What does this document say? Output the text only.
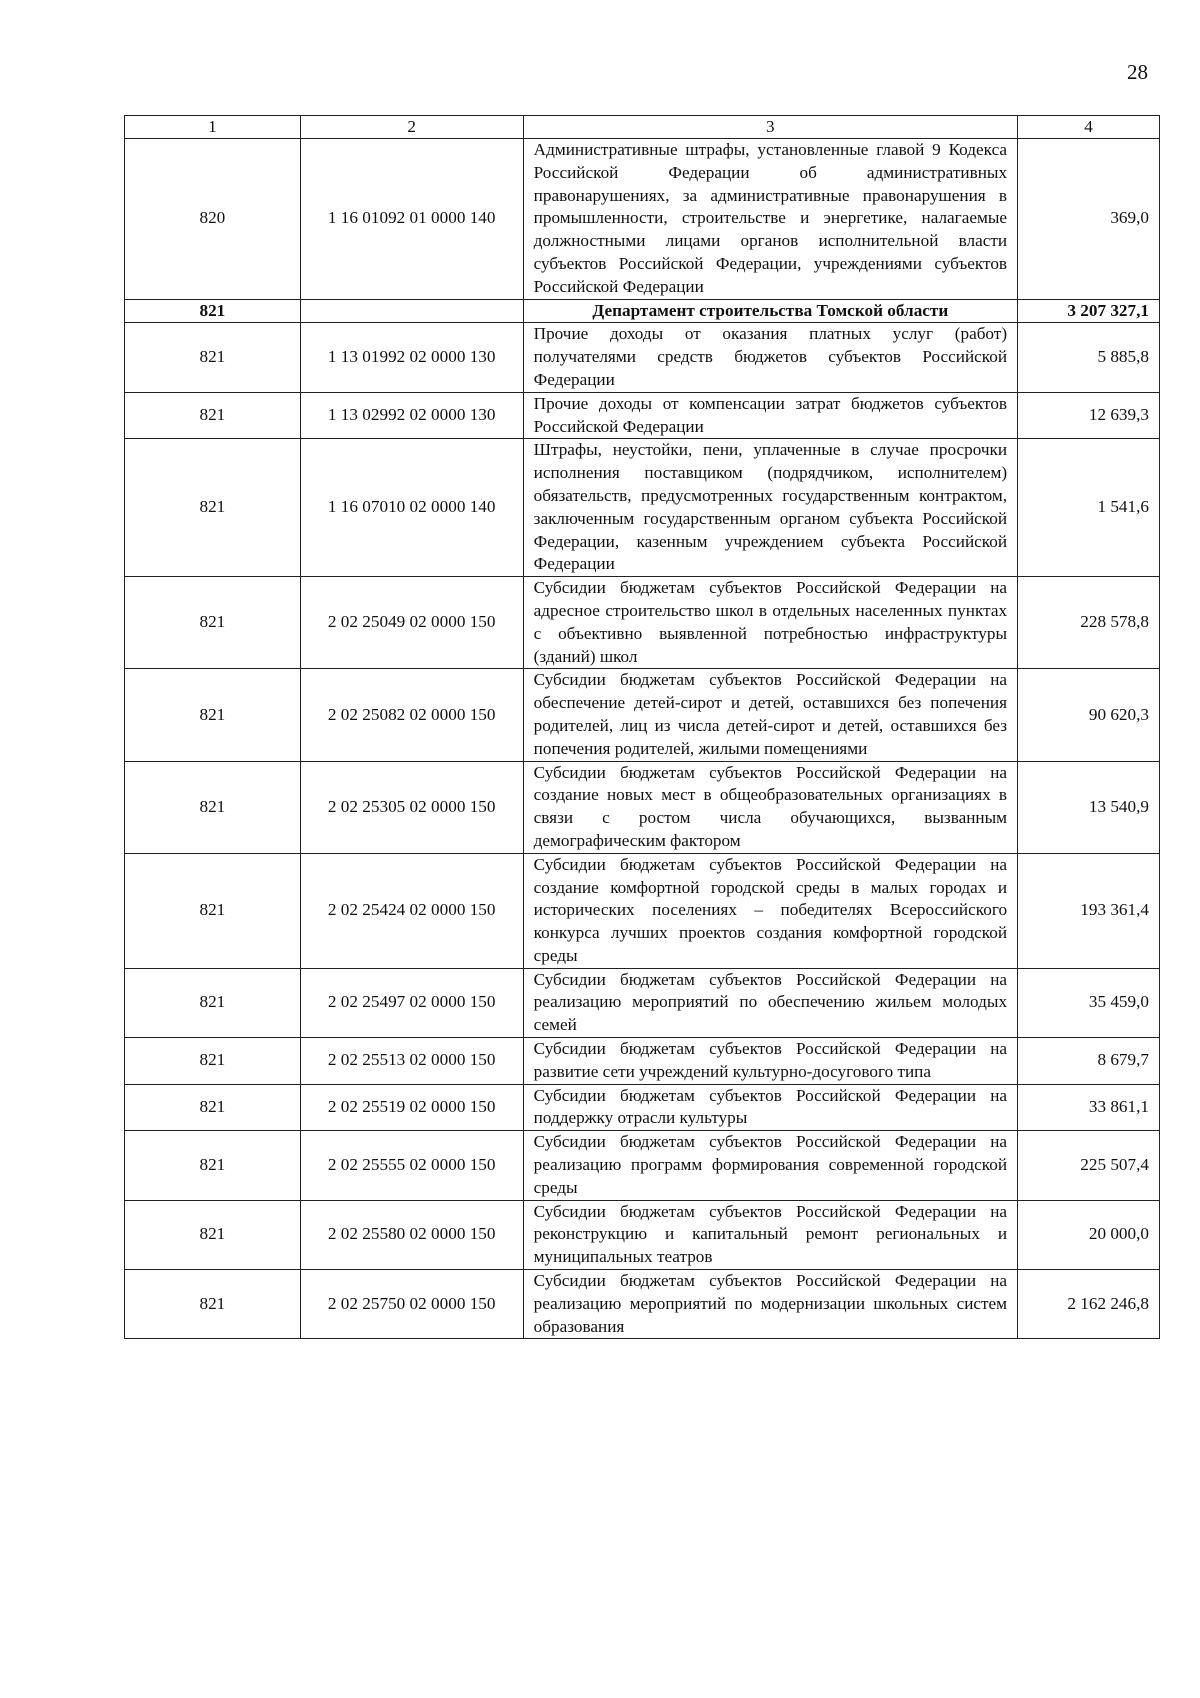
28
1	2	3	4
820	1 16 01092 01 0000 140	Административные штрафы, установленные главой 9 Кодекса Российской Федерации об административных правонарушениях, за административные правонарушения в промышленности, строительстве и энергетике, налагаемые должностными лицами органов исполнительной власти субъектов Российской Федерации, учреждениями субъектов Российской Федерации	369,0
821		Департамент строительства Томской области	3 207 327,1
821	1 13 01992 02 0000 130	Прочие доходы от оказания платных услуг (работ) получателями средств бюджетов субъектов Российской Федерации	5 885,8
821	1 13 02992 02 0000 130	Прочие доходы от компенсации затрат бюджетов субъектов Российской Федерации	12 639,3
821	1 16 07010 02 0000 140	Штрафы, неустойки, пени, уплаченные в случае просрочки исполнения поставщиком (подрядчиком, исполнителем) обязательств, предусмотренных государственным контрактом, заключенным государственным органом субъекта Российской Федерации, казенным учреждением субъекта Российской Федерации	1 541,6
821	2 02 25049 02 0000 150	Субсидии бюджетам субъектов Российской Федерации на адресное строительство школ в отдельных населенных пунктах с объективно выявленной потребностью инфраструктуры (зданий) школ	228 578,8
821	2 02 25082 02 0000 150	Субсидии бюджетам субъектов Российской Федерации на обеспечение детей-сирот и детей, оставшихся без попечения родителей, лиц из числа детей-сирот и детей, оставшихся без попечения родителей, жилыми помещениями	90 620,3
821	2 02 25305 02 0000 150	Субсидии бюджетам субъектов Российской Федерации на создание новых мест в общеобразовательных организациях в связи с ростом числа обучающихся, вызванным демографическим фактором	13 540,9
821	2 02 25424 02 0000 150	Субсидии бюджетам субъектов Российской Федерации на создание комфортной городской среды в малых городах и исторических поселениях – победителях Всероссийского конкурса лучших проектов создания комфортной городской среды	193 361,4
821	2 02 25497 02 0000 150	Субсидии бюджетам субъектов Российской Федерации на реализацию мероприятий по обеспечению жильем молодых семей	35 459,0
821	2 02 25513 02 0000 150	Субсидии бюджетам субъектов Российской Федерации на развитие сети учреждений культурно-досугового типа	8 679,7
821	2 02 25519 02 0000 150	Субсидии бюджетам субъектов Российской Федерации на поддержку отрасли культуры	33 861,1
821	2 02 25555 02 0000 150	Субсидии бюджетам субъектов Российской Федерации на реализацию программ формирования современной городской среды	225 507,4
821	2 02 25580 02 0000 150	Субсидии бюджетам субъектов Российской Федерации на реконструкцию и капитальный ремонт региональных и муниципальных театров	20 000,0
821	2 02 25750 02 0000 150	Субсидии бюджетам субъектов Российской Федерации на реализацию мероприятий по модернизации школьных систем образования	2 162 246,8
